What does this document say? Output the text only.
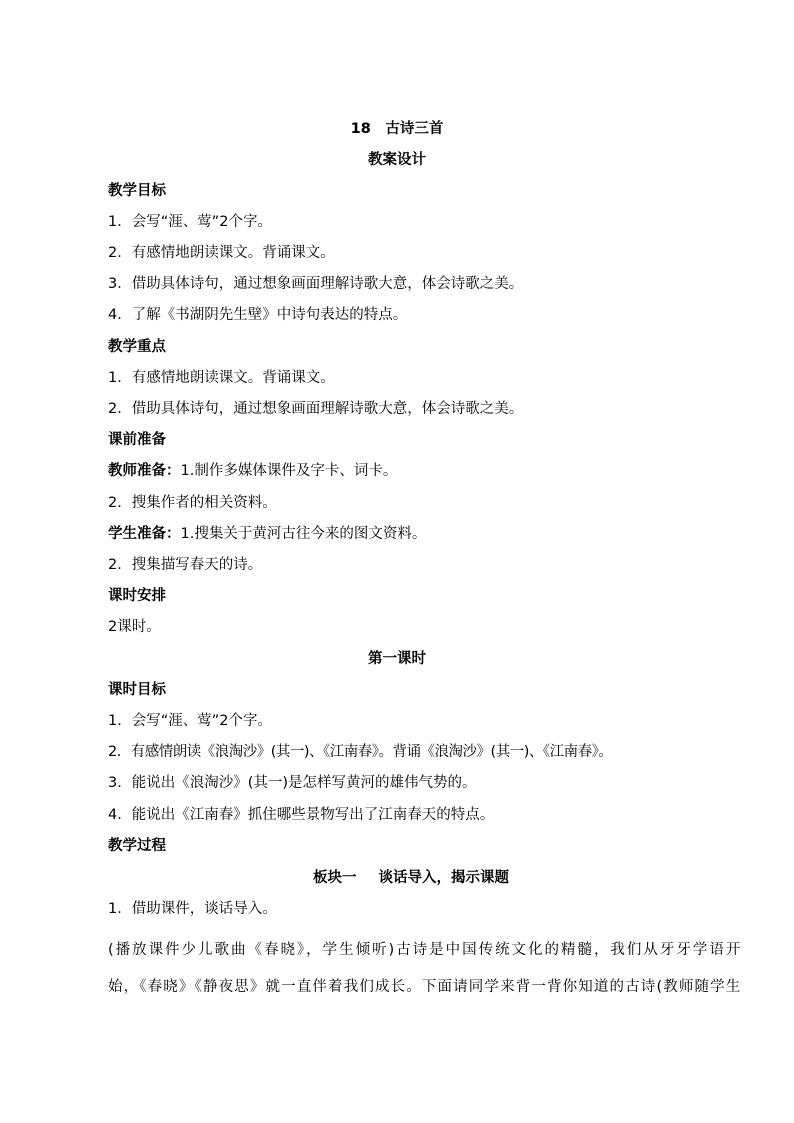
18　古诗三首
教案设计
教学目标
1．会写“涯、莺”2个字。
2．有感情地朗读课文。背诵课文。
3．借助具体诗句，通过想象画面理解诗歌大意，体会诗歌之美。
4．了解《书湖阴先生壁》中诗句表达的特点。
教学重点
1．有感情地朗读课文。背诵课文。
2．借助具体诗句，通过想象画面理解诗歌大意，体会诗歌之美。
课前准备
教师准备：1.制作多媒体课件及字卡、词卡。
2．搜集作者的相关资料。
学生准备：1.搜集关于黄河古往今来的图文资料。
2．搜集描写春天的诗。
课时安排
2课时。
第一课时
课时目标
1．会写“涯、莺”2个字。
2．有感情朗读《浪淘沙》(其一)、《江南春》。背诵《浪淘沙》(其一)、《江南春》。
3．能说出《浪淘沙》(其一)是怎样写黄河的雄伟气势的。
4．能说出《江南春》抓住哪些景物写出了江南春天的特点。
教学过程
板块一 谈话导入，揭示课题
1．借助课件，谈话导入。
(播放课件少儿歌曲《春晓》，学生倾听)古诗是中国传统文化的精髓，我们从牙牙学语开
始，《春晓》《静夜思》就一直伴着我们成长。下面请同学来背一背你知道的古诗(教师随学生
